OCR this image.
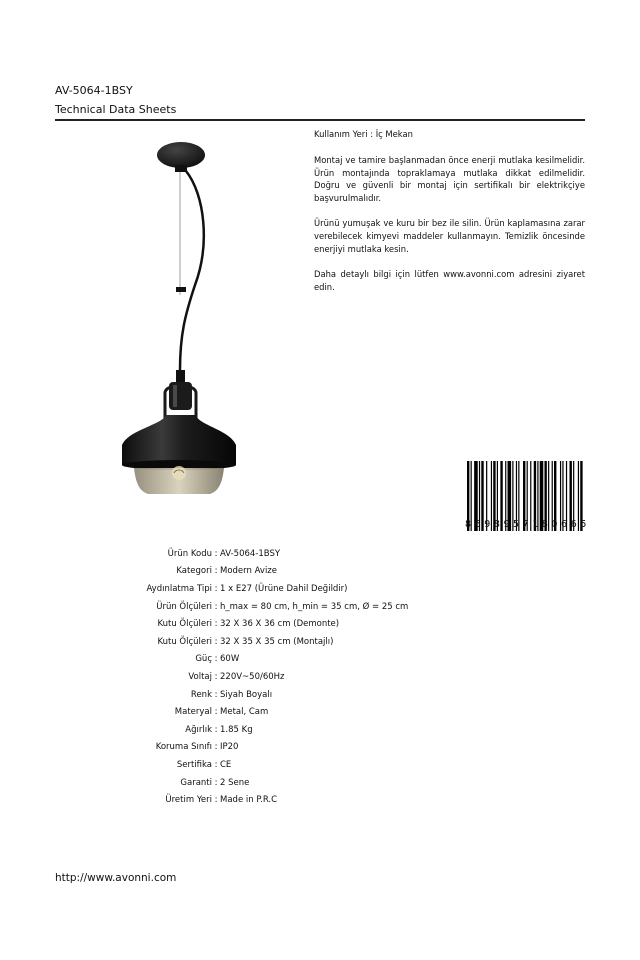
AV-5064-1BSY
Technical Data Sheets

Kullanım Yeri : İç Mekan

Montaj ve tamire başlanmadan önce enerji mutlaka kesilmelidir. Ürün montajında topraklamaya mutlaka dikkat edilmelidir. Doğru ve güvenli bir montaj için sertifikalı bir elektrikçiye başvurulmalıdır.

Ürünü yumuşak ve kuru bir bez ile silin. Ürün kaplamasına zarar verebilecek kimyevi maddeler kullanmayın. Temizlik öncesinde enerjiyi mutlaka kesin.

Daha detaylı bilgi için lütfen www.avonni.com adresini ziyaret edin.

8 6 9 8 9 5 7 1 8 0 6 6 5
Ürün Kodu : AV-5064-1BSY
Kategori : Modern Avize
Aydınlatma Tipi : 1 x E27 (Ürüne Dahil Değildir)
Ürün Ölçüleri : h_max = 80 cm, h_min = 35 cm, Ø = 25 cm
Kutu Ölçüleri : 32 X 36 X 36 cm (Demonte)
Kutu Ölçüleri : 32 X 35 X 35 cm (Montajlı)
Güç : 60W
Voltaj : 220V~50/60Hz
Renk : Siyah Boyalı
Materyal : Metal, Cam
Ağırlık : 1.85 Kg
Koruma Sınıfı : IP20
Sertifika : CE
Garanti : 2 Sene
Üretim Yeri : Made in P.R.C
http://www.avonni.com
